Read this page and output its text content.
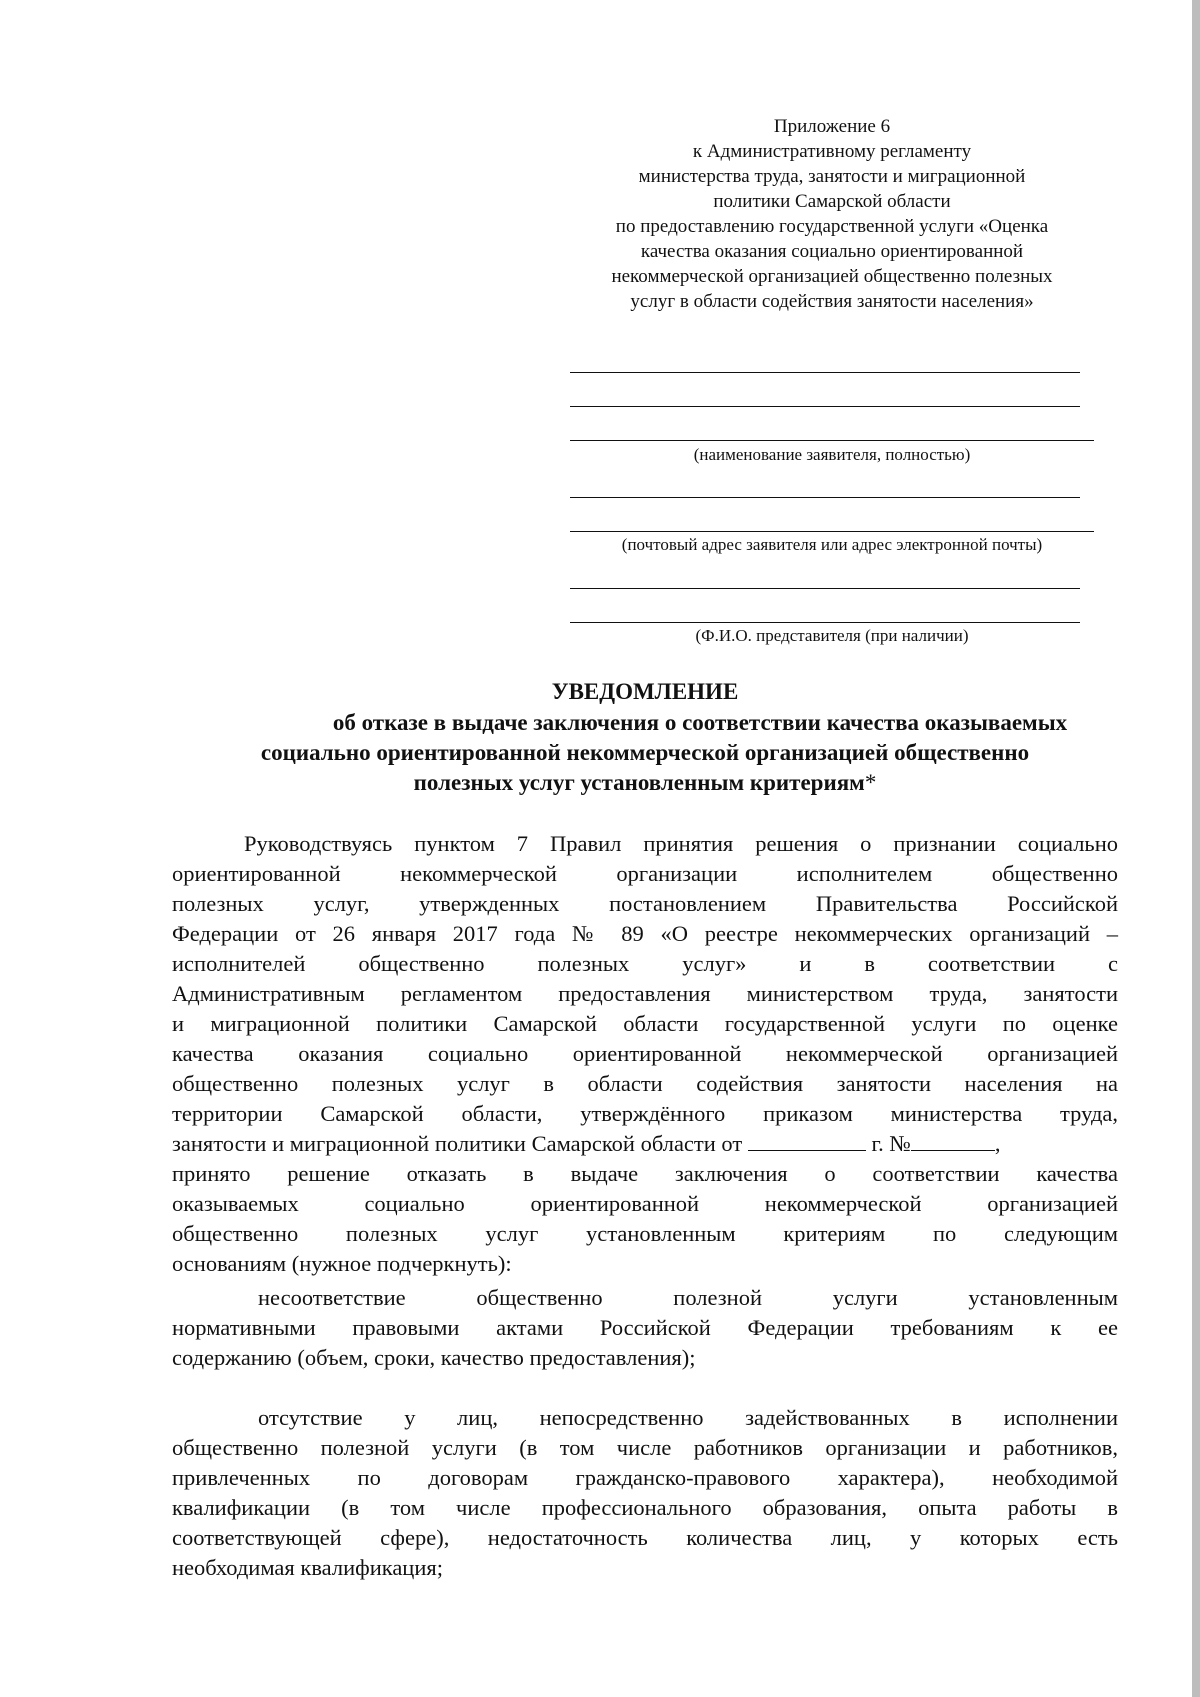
Приложение 6
к Административному регламенту
министерства труда, занятости и миграционной
политики Самарской области
по предоставлению государственной услуги «Оценка
качества оказания социально ориентированной
некоммерческой организацией общественно полезных
услуг в области содействия занятости населения»
(наименование заявителя, полностью)
(почтовый адрес заявителя или адрес электронной почты)
(Ф.И.О. представителя (при наличии)
УВЕДОМЛЕНИЕ
об отказе в выдаче заключения о соответствии качества оказываемых
социально ориентированной некоммерческой организацией общественно
полезных услуг установленным критериям*
Руководствуясь пунктом 7 Правил принятия решения о признании социально
ориентированной некоммерческой организации исполнителем общественно
полезных услуг, утвержденных постановлением Правительства Российской
Федерации от 26 января 2017 года № 89 «О реестре некоммерческих организаций –
исполнителей общественно полезных услуг» и в соответствии с
Административным регламентом предоставления министерством труда, занятости
и миграционной политики Самарской области государственной услуги по оценке
качества оказания социально ориентированной некоммерческой организацией
общественно полезных услуг в области содействия занятости населения на
территории Самарской области, утверждённого приказом министерства труда,
занятости и миграционной политики Самарской области от	г. №	,
принято решение отказать в выдаче заключения о соответствии качества
оказываемых социально ориентированной некоммерческой организацией
общественно полезных услуг установленным критериям по следующим
основаниям (нужное подчеркнуть):
несоответствие общественно полезной услуги установленным
нормативными правовыми актами Российской Федерации требованиям к ее
содержанию (объем, сроки, качество предоставления);
отсутствие у лиц, непосредственно задействованных в исполнении
общественно полезной услуги (в том числе работников организации и работников,
привлеченных по договорам гражданско-правового характера), необходимой
квалификации (в том числе профессионального образования, опыта работы в
соответствующей сфере), недостаточность количества лиц, у которых есть
необходимая квалификация;
